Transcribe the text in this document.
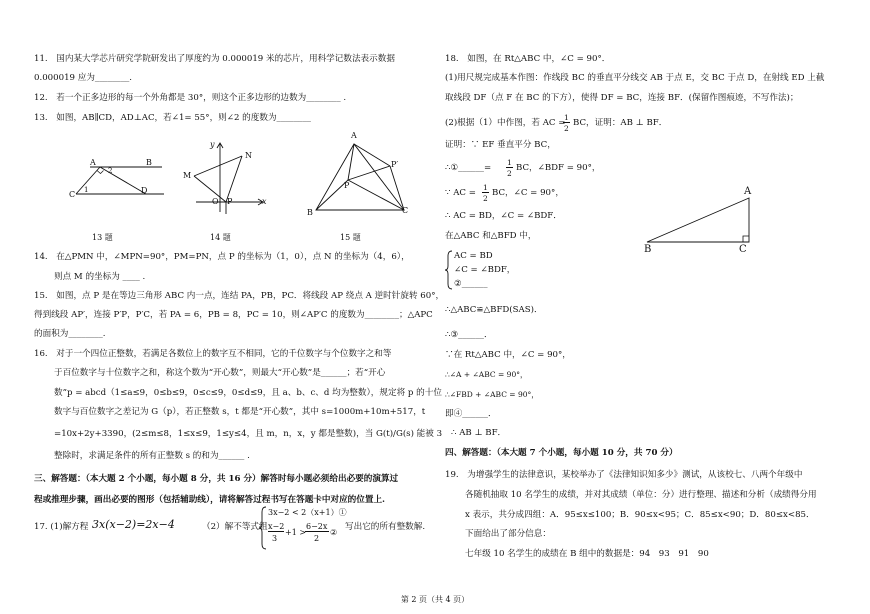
11.　国内某大学芯片研究学院研发出了厚度约为 0.000019 米的芯片，用科学记数法表示数据
0.000019 应为________.
12.　若一个正多边形的每一个外角都是 30°，则这个正多边形的边数为________ .
13.　如图，AB∥CD，AD⊥AC，若∠1= 55°，则∠2 的度数为________
A	B
C	D
1
2
13 题
y
x
M
N
O P
14 题
A
B	C
P
P′
15 题
14.　在△PMN 中，∠MPN=90°，PM=PN，点 P 的坐标为（1，0），点 N 的坐标为（4，6），
则点 M 的坐标为 ____ .
15.　如图，点 P 是在等边三角形 ABC 内一点，连结 PA，PB，PC．将线段 AP 绕点 A 逆时针旋转 60°，
得到线段 AP′，连接 P′P，P′C，若 PA = 6，PB = 8，PC = 10，则∠AP′C 的度数为________；△APC
的面积为________.
16.　对于一个四位正整数，若满足各数位上的数字互不相同，它的千位数字与个位数字之和等
于百位数字与十位数字之和，称这个数为“开心数”，则最大“开心数”是______；若“开心
数”p = abcd（1≤a≤9，0≤b≤9，0≤c≤9，0≤d≤9，且 a、b、c、d 均为整数），规定将 p 的十位
数字与百位数字之差记为 G（p），若正整数 s，t 都是“开心数”，其中 s=1000m+10m+517，t
=10x+2y+3390，(2≤m≤8，1≤x≤9，1≤y≤4，且 m，n，x，y 都是整数)，当 G(t)/G(s) 能被 3
整除时，求满足条件的所有正整数 s 的和为______ .
三、解答题：（本大题 2 个小题，每小题 8 分，共 16 分）解答时每小题必须给出必要的演算过
程或推理步骤，画出必要的图形（包括辅助线），请将解答过程书写在答题卡中对应的位置上.
17. (1)解方程 3x(x−2)=2x−4	（2）解不等式组
3x−2 < 2（x+1）①
x−2
3
+1 >
6−2x
2
②
写出它的所有整数解.
18.　如图，在 Rt△ABC 中，∠C = 90°．
(1)用尺规完成基本作图：作线段 BC 的垂直平分线交 AB 于点 E，交 BC 于点 D，在射线 ED 上截
取线段 DF（点 F 在 BC 的下方），使得 DF = BC，连接 BF．(保留作图痕迹，不写作法)；
(2)根据（1）中作图，若 AC =
1
2
BC，证明：AB ⊥ BF．
证明：∵ EF 垂直平分 BC，
∴①______=
1
2
BC，∠BDF = 90°，
∵ AC =
1
2
BC，∠C = 90°，
∴ AC = BD，∠C = ∠BDF．
在△ABC 和△BFD 中，
AC = BD
∠C = ∠BDF，
②______
∴△ABC≌△BFD(SAS)．
∴③______．
∵在 Rt△ABC 中，∠C = 90°，
∴∠A + ∠ABC = 90°，
∴∠FBD + ∠ABC = 90°，
即④______．
∴ AB ⊥ BF．
A
B	C
四、解答题：（本大题 7 个小题，每小题 10 分，共 70 分）
19.　为增强学生的法律意识，某校举办了《法律知识知多少》测试，从该校七、八两个年级中
各随机抽取 10 名学生的成绩，并对其成绩（单位：分）进行整理、描述和分析（成绩得分用
x 表示，共分成四组：A．95≤x≤100；B．90≤x<95；C．85≤x<90；D．80≤x<85．
下面给出了部分信息：
七年级 10 名学生的成绩在 B 组中的数据是：94　93　91　90
第 2 页（共 4 页）
